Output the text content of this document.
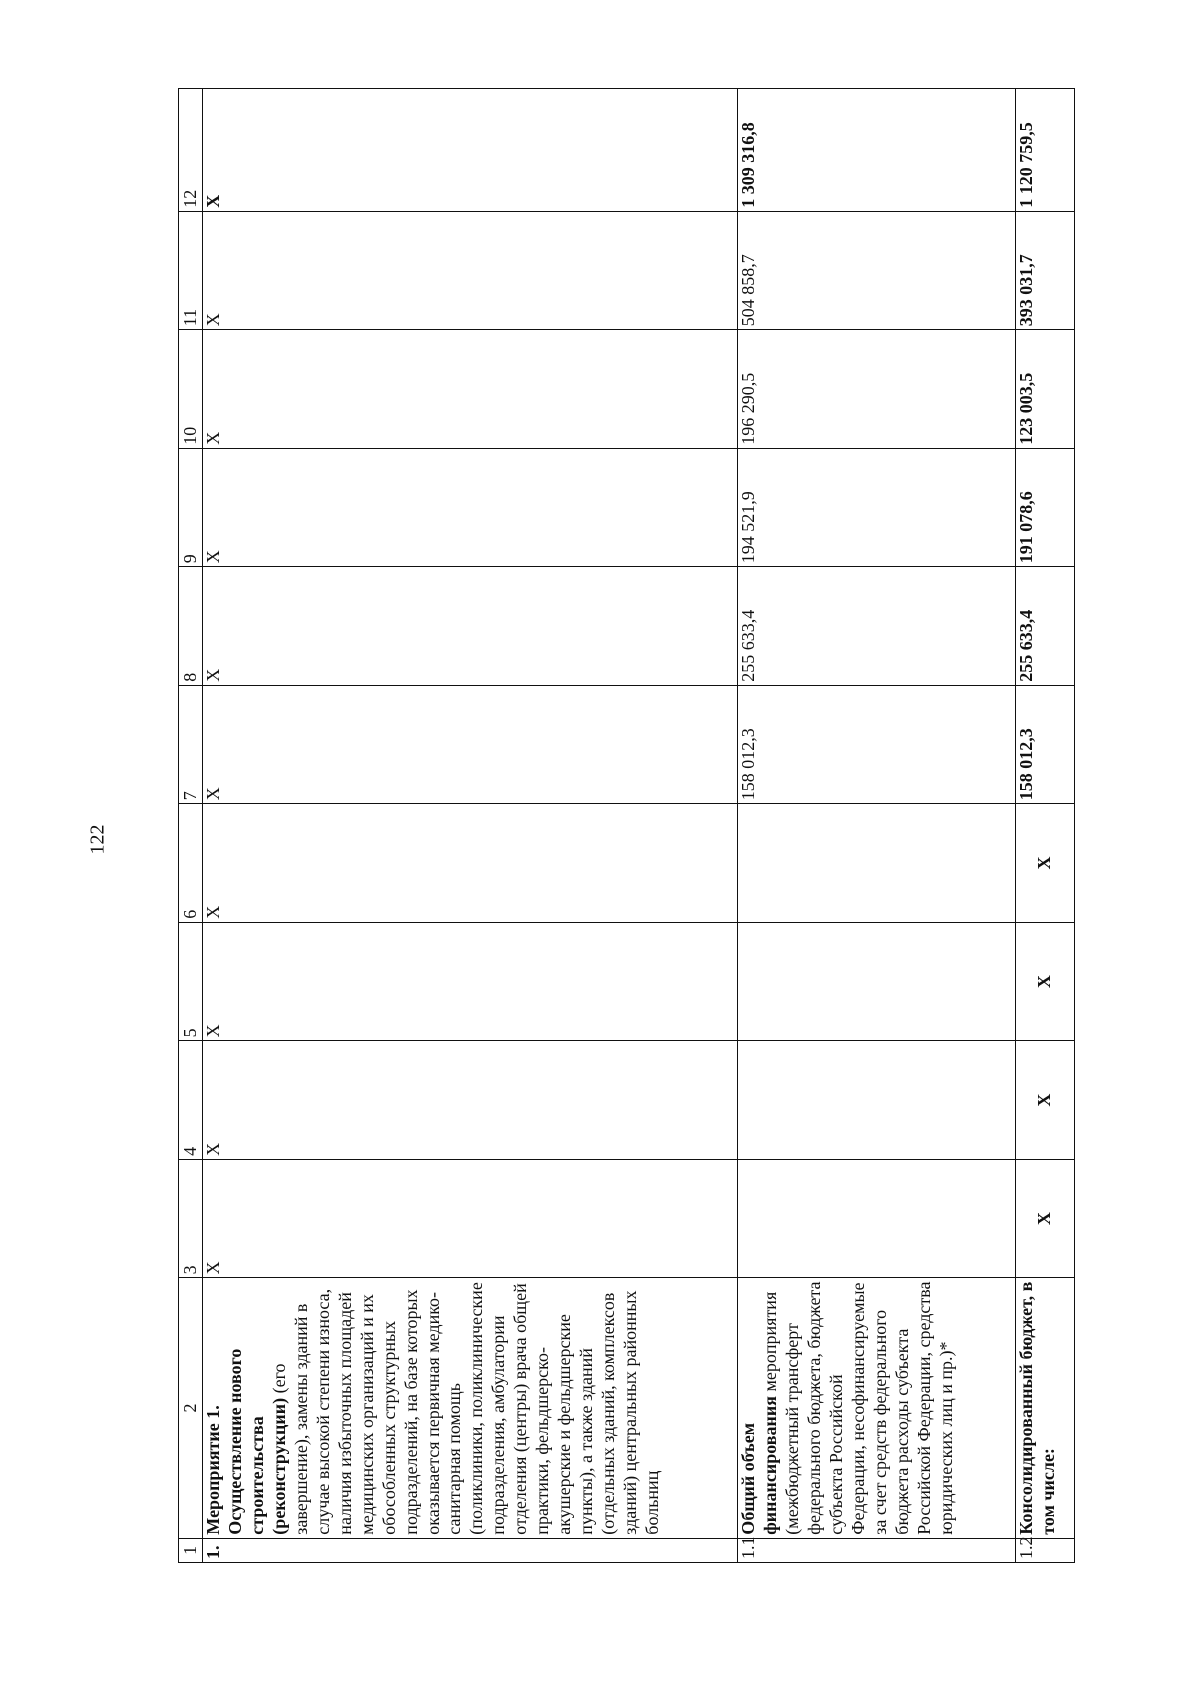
122
1	2	3	4	5	6	7	8	9	10	11	12
1.	Мероприятие 1. Осуществление нового строительства (реконструкции) (его завершение), замены зданий в случае высокой степени износа, наличия избыточных площадей медицинских организаций и их обособленных структурных подразделений, на базе которых оказывается первичная медико-санитарная помощь (поликлиники, поликлинические подразделения, амбулатории отделения (центры) врача общей практики, фельдшерско-акушерские и фельдшерские пункты), а также зданий (отдельных зданий, комплексов зданий) центральных районных больниц	X	X	X	X	X	X	X	X	X	X
1.1	Общий объем финансирования мероприятия (межбюджетный трансферт федерального бюджета, бюджета субъекта Российской Федерации, несофинансируемые за счет средств федерального бюджета расходы субъекта Российской Федерации, средства юридических лиц и пр.)*					158 012,3	255 633,4	194 521,9	196 290,5	504 858,7	1 309 316,8
1.2	Консолидированный бюджет, в том числе:	X	X	X	X	158 012,3	255 633,4	191 078,6	123 003,5	393 031,7	1 120 759,5
